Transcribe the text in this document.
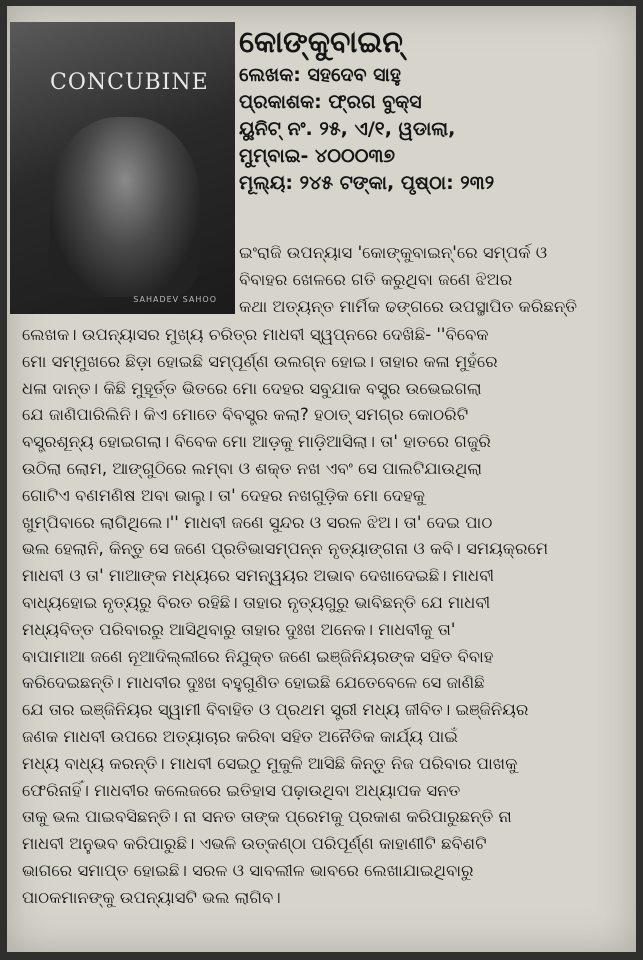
CONCUBINE
SAHADEV SAHOO
କୋଙ୍କୁବାଇନ୍
ଲେଖକ: ସହଦେବ ସାହୁ
ପ୍ରକାଶକ: ଫ୍ରଗ ବୁକ୍ସ
ୟୁନିଟ୍ ନଂ. ୨୫, ଏ/୧, ୱଡାଲା,
ମୁମ୍ବାଇ- ୪୦୦୦୩୭
ମୂଲ୍ୟ: ୨୪୫ ଟଙ୍କା, ପୃଷ୍ଠା: ୨୩୨
ଇଂରାଜି ଉପନ୍ୟାସ 'କୋଙ୍କୁବାଇନ୍'ରେ ସମ୍ପର୍କ ଓ
ବିବାହର ଖେଳରେ ଗତି କରୁଥିବା ଜଣେ ଝିଅର
କଥା ଅତ୍ୟନ୍ତ ମାର୍ମିକ ଢଙ୍ଗରେ ଉପସ୍ଥାପିତ କରିଛନ୍ତି
ଲେଖକ। ଉପନ୍ୟାସର ମୁଖ୍ୟ ଚରିତ୍ର ମାଧବୀ ସ୍ୱପ୍ନରେ ଦେଖିଛି- ''ବିବେକ
ମୋ ସମ୍ମୁଖରେ ଛିଡ଼ା ହୋଇଛି ସମ୍ପୂର୍ଣ୍ଣ ଉଲଗ୍ନ ହୋଇ। ତାହାର କଳା ମୁହଁରେ
ଧଳା ଦାନ୍ତ। କିଛି ମୁହୂର୍ତ୍ତ ଭିତରେ ମୋ ଦେହର ସବୁଯାକ ବସ୍ତ୍ର ଉଭେଇଗଲା
ଯେ ଜାଣିପାରିଲିନି। କିଏ ମୋତେ ବିବସ୍ତ୍ର କଲା? ହଠାତ୍ ସମଗ୍ର କୋଠରିଟି
ବସ୍ତ୍ରଶୂନ୍ୟ ହୋଇଗଲା। ବିବେକ ମୋ ଆଡ଼କୁ ମାଡ଼ିଆସିଲା। ତା' ହାତରେ ଗଜୁରି
ଉଠିଲା ଲୋମ, ଆଙ୍ଗୁଠିରେ ଲମ୍ବା ଓ ଶକ୍ତ ନଖ ଏବଂ ସେ ପାଲଟିଯାଉଥିଲା
ଗୋଟିଏ ବଣମଣିଷ ଅବା ଭାଲୁ। ତା' ଦେହର ନଖଗୁଡ଼ିକ ମୋ ଦେହକୁ
ଖୁମ୍ପିବାରେ ଲାଗିଥିଲେ।'' ମାଧବୀ ଜଣେ ସୁନ୍ଦର ଓ ସରଳ ଝିଅ। ତା' ଦେଇ ପାଠ
ଭଲ ହେଲାନି, କିନ୍ତୁ ସେ ଜଣେ ପ୍ରତିଭାସମ୍ପନ୍ନ ନୃତ୍ୟାଙ୍ଗନା ଓ କବି। ସମୟକ୍ରମେ
ମାଧବୀ ଓ ତା' ମାଆଙ୍କ ମଧ୍ୟରେ ସମନ୍ୱୟର ଅଭାବ ଦେଖାଦେଇଛି। ମାଧବୀ
ବାଧ୍ୟହୋଇ ନୃତ୍ୟରୁ ବିରତ ରହିଛି। ତାହାର ନୃତ୍ୟଗୁରୁ ଭାବିଛନ୍ତି ଯେ ମାଧବୀ
ମଧ୍ୟବିତ୍ତ ପରିବାରରୁ ଆସିଥିବାରୁ ତାହାର ଦୁଃଖ ଅନେକ। ମାଧବୀକୁ ତା'
ବାପାମାଆ ଜଣେ ନୂଆଦିଲ୍ଲୀରେ ନିଯୁକ୍ତ ଜଣେ ଇଞ୍ଜିନିୟରଙ୍କ ସହିତ ବିବାହ
କରିଦେଇଛନ୍ତି। ମାଧବୀର ଦୁଃଖ ବହୁଗୁଣିତ ହୋଇଛି ଯେତେବେଳେ ସେ ଜାଣିଛି
ଯେ ତାର ଇଞ୍ଜିନିୟର ସ୍ୱାମୀ ବିବାହିତ ଓ ପ୍ରଥମ ସ୍ତ୍ରୀ ମଧ୍ୟ ଜୀବିତ। ଇଞ୍ଜିନିୟର
ଜଣକ ମାଧବୀ ଉପରେ ଅତ୍ୟାଚାର କରିବା ସହିତ ଅନୈତିକ କାର୍ଯ୍ୟ ପାଇଁ
ମଧ୍ୟ ବାଧ୍ୟ କରନ୍ତି। ମାଧବୀ ସେଇଠୁ ମୁକୁଳି ଆସିଛି କିନ୍ତୁ ନିଜ ପରିବାର ପାଖକୁ
ଫେରିନାହିଁ। ମାଧବୀର କଲେଜରେ ଇତିହାସ ପଢ଼ାଉଥିବା ଅଧ୍ୟାପକ ସନତ
ତାକୁ ଭଲ ପାଇବସିଛନ୍ତି। ନା ସନତ ତାଙ୍କ ପ୍ରେମକୁ ପ୍ରକାଶ କରିପାରୁଛନ୍ତି ନା
ମାଧବୀ ଅନୁଭବ କରିପାରୁଛି। ଏଭଳି ଉତ୍କଣ୍ଠା ପରିପୂର୍ଣ୍ଣ କାହାଣୀଟି ଛବିଶଟି
ଭାଗରେ ସମାପ୍ତ ହୋଇଛି। ସରଳ ଓ ସାବଲୀଳ ଭାବରେ ଲେଖାଯାଇଥିବାରୁ
ପାଠକମାନଙ୍କୁ ଉପନ୍ୟାସଟି ଭଲ ଲାଗିବ।
